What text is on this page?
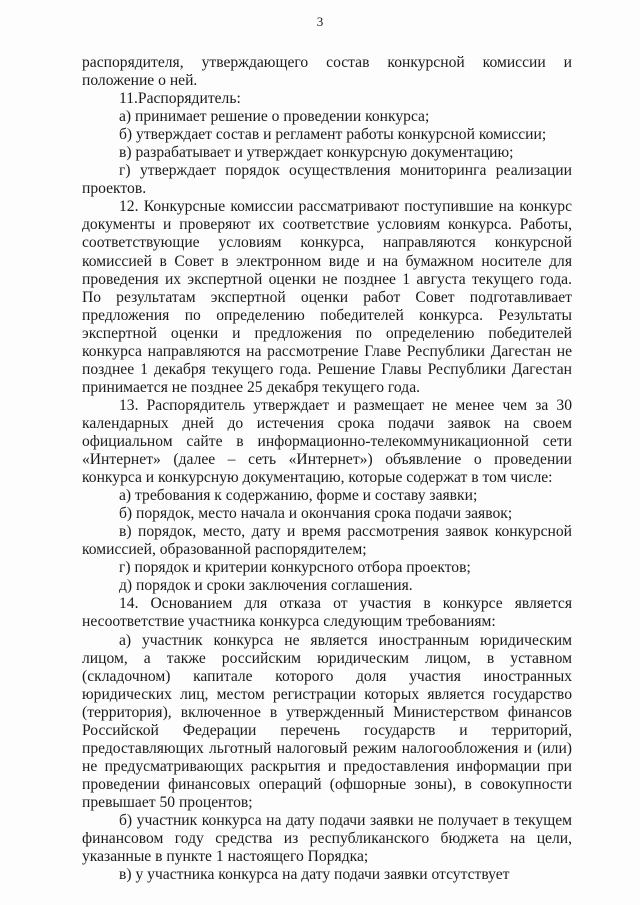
3

распорядителя, утверждающего состав конкурсной комиссии и положение о ней.

11.Распорядитель:

а) принимает решение о проведении конкурса;

б) утверждает состав и регламент работы конкурсной комиссии;

в) разрабатывает и утверждает конкурсную документацию;

г) утверждает порядок осуществления мониторинга реализации проектов.

12. Конкурсные комиссии рассматривают поступившие на конкурс документы и проверяют их соответствие условиям конкурса. Работы, соответствующие условиям конкурса, направляются конкурсной комиссией в Совет в электронном виде и на бумажном носителе для проведения их экспертной оценки не позднее 1 августа текущего года. По результатам экспертной оценки работ Совет подготавливает предложения по определению победителей конкурса. Результаты экспертной оценки и предложения по определению победителей конкурса направляются на рассмотрение Главе Республики Дагестан не позднее 1 декабря текущего года. Решение Главы Республики Дагестан принимается не позднее 25 декабря текущего года.

13. Распорядитель утверждает и размещает не менее чем за 30 календарных дней до истечения срока подачи заявок на своем официальном сайте в информационно-телекоммуникационной сети «Интернет» (далее – сеть «Интернет») объявление о проведении конкурса и конкурсную документацию, которые содержат в том числе:

а) требования к содержанию, форме и составу заявки;

б) порядок, место начала и окончания срока подачи заявок;

в) порядок, место, дату и время рассмотрения заявок конкурсной комиссией, образованной распорядителем;

г) порядок и критерии конкурсного отбора проектов;

д) порядок и сроки заключения соглашения.

14. Основанием для отказа от участия в конкурсе является несоответствие участника конкурса следующим требованиям:

а) участник конкурса не является иностранным юридическим лицом, а также российским юридическим лицом, в уставном (складочном) капитале которого доля участия иностранных юридических лиц, местом регистрации которых является государство (территория), включенное в утвержденный Министерством финансов Российской Федерации перечень государств и территорий, предоставляющих льготный налоговый режим налогообложения и (или) не предусматривающих раскрытия и предоставления информации при проведении финансовых операций (офшорные зоны), в совокупности превышает 50 процентов;

б) участник конкурса на дату подачи заявки не получает в текущем финансовом году средства из республиканского бюджета на цели, указанные в пункте 1 настоящего Порядка;

в) у участника конкурса на дату подачи заявки отсутствует
